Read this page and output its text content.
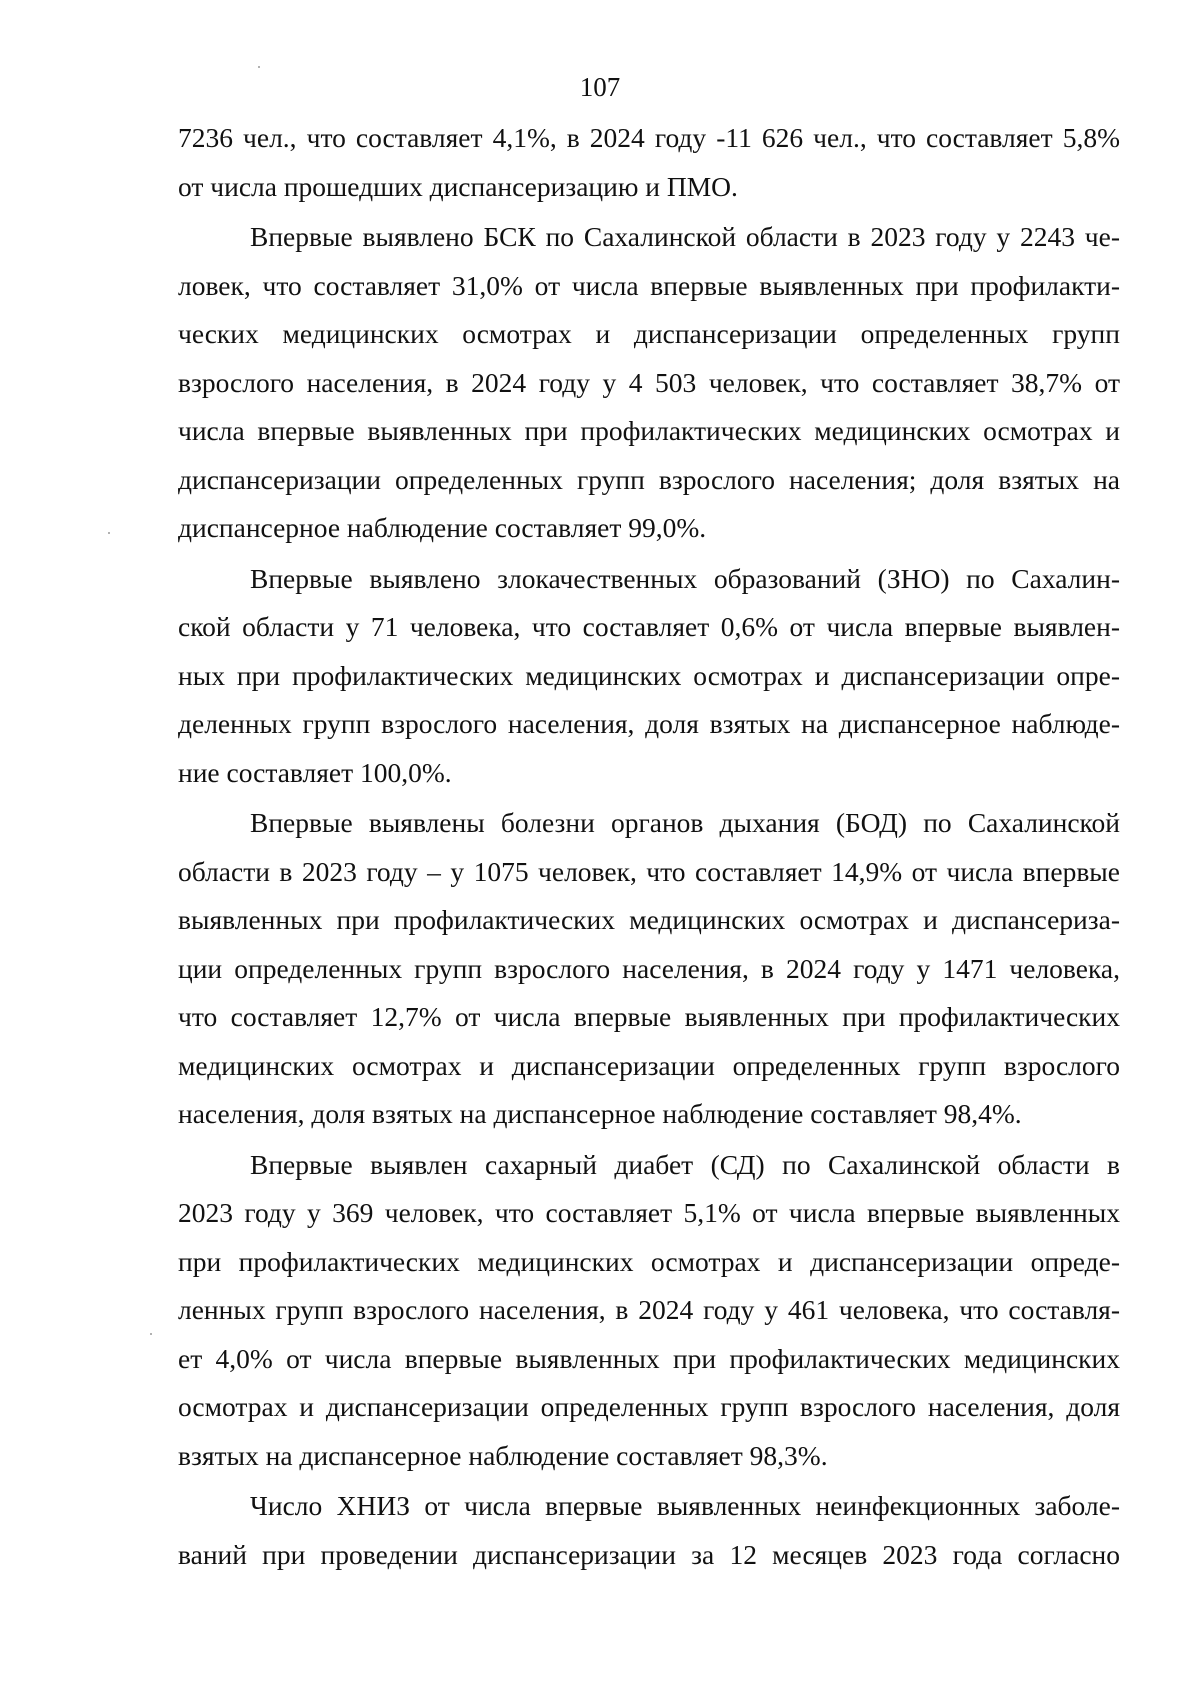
107
7236 чел., что составляет 4,1%, в 2024 году -11 626 чел., что составляет 5,8%
от числа прошедших диспансеризацию и ПМО.
Впервые выявлено БСК по Сахалинской области в 2023 году у 2243 че-
ловек, что составляет 31,0% от числа впервые выявленных при профилакти-
ческих медицинских осмотрах и диспансеризации определенных групп
взрослого населения, в 2024 году у 4 503 человек, что составляет 38,7% от
числа впервые выявленных при профилактических медицинских осмотрах и
диспансеризации определенных групп взрослого населения; доля взятых на
диспансерное наблюдение составляет 99,0%.
Впервые выявлено злокачественных образований (ЗНО) по Сахалин-
ской области у 71 человека, что составляет 0,6% от числа впервые выявлен-
ных при профилактических медицинских осмотрах и диспансеризации опре-
деленных групп взрослого населения, доля взятых на диспансерное наблюде-
ние составляет 100,0%.
Впервые выявлены болезни органов дыхания (БОД) по Сахалинской
области в 2023 году – у 1075 человек, что составляет 14,9% от числа впервые
выявленных при профилактических медицинских осмотрах и диспансериза-
ции определенных групп взрослого населения, в 2024 году у 1471 человека,
что составляет 12,7% от числа впервые выявленных при профилактических
медицинских осмотрах и диспансеризации определенных групп взрослого
населения, доля взятых на диспансерное наблюдение составляет 98,4%.
Впервые выявлен сахарный диабет (СД) по Сахалинской области в
2023 году у 369 человек, что составляет 5,1% от числа впервые выявленных
при профилактических медицинских осмотрах и диспансеризации опреде-
ленных групп взрослого населения, в 2024 году у 461 человека, что составля-
ет 4,0% от числа впервые выявленных при профилактических медицинских
осмотрах и диспансеризации определенных групп взрослого населения, доля
взятых на диспансерное наблюдение составляет 98,3%.
Число ХНИЗ от числа впервые выявленных неинфекционных заболе-
ваний при проведении диспансеризации за 12 месяцев 2023 года согласно
